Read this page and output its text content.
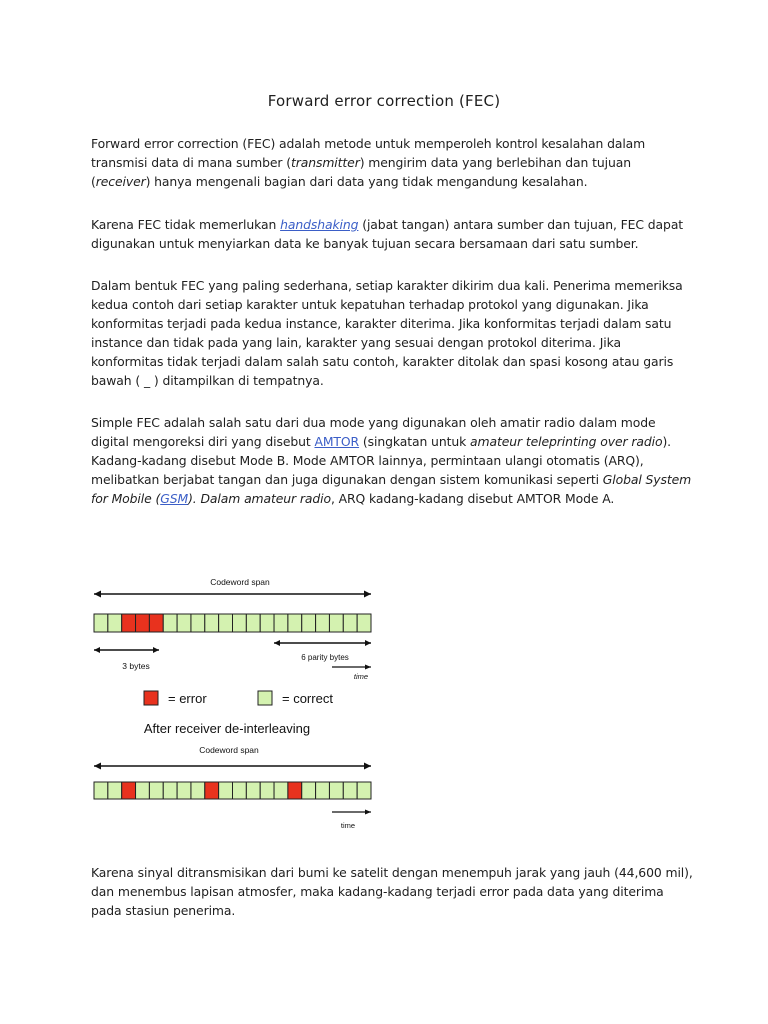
Forward error correction (FEC)
Forward error correction (FEC) adalah metode untuk memperoleh kontrol kesalahan dalam
transmisi data di mana sumber (transmitter) mengirim data yang berlebihan dan tujuan
(receiver) hanya mengenali bagian dari data yang tidak mengandung kesalahan.
Karena FEC tidak memerlukan handshaking (jabat tangan) antara sumber dan tujuan, FEC dapat
digunakan untuk menyiarkan data ke banyak tujuan secara bersamaan dari satu sumber.
Dalam bentuk FEC yang paling sederhana, setiap karakter dikirim dua kali. Penerima memeriksa
kedua contoh dari setiap karakter untuk kepatuhan terhadap protokol yang digunakan. Jika
konformitas terjadi pada kedua instance, karakter diterima. Jika konformitas terjadi dalam satu
instance dan tidak pada yang lain, karakter yang sesuai dengan protokol diterima. Jika
konformitas tidak terjadi dalam salah satu contoh, karakter ditolak dan spasi kosong atau garis
bawah ( _ ) ditampilkan di tempatnya.
Simple FEC adalah salah satu dari dua mode yang digunakan oleh amatir radio dalam mode
digital mengoreksi diri yang disebut AMTOR (singkatan untuk amateur teleprinting over radio).
Kadang-kadang disebut Mode B. Mode AMTOR lainnya, permintaan ulangi otomatis (ARQ),
melibatkan berjabat tangan dan juga digunakan dengan sistem komunikasi seperti Global System
for Mobile (GSM). Dalam amateur radio, ARQ kadang-kadang disebut AMTOR Mode A.
Codeword span
3 bytes
6 parity bytes
time
= error	= correct
After receiver de-interleaving
Codeword span
time
Karena sinyal ditransmisikan dari bumi ke satelit dengan menempuh jarak yang jauh (44,600 mil),
dan menembus lapisan atmosfer, maka kadang-kadang terjadi error pada data yang diterima
pada stasiun penerima.
